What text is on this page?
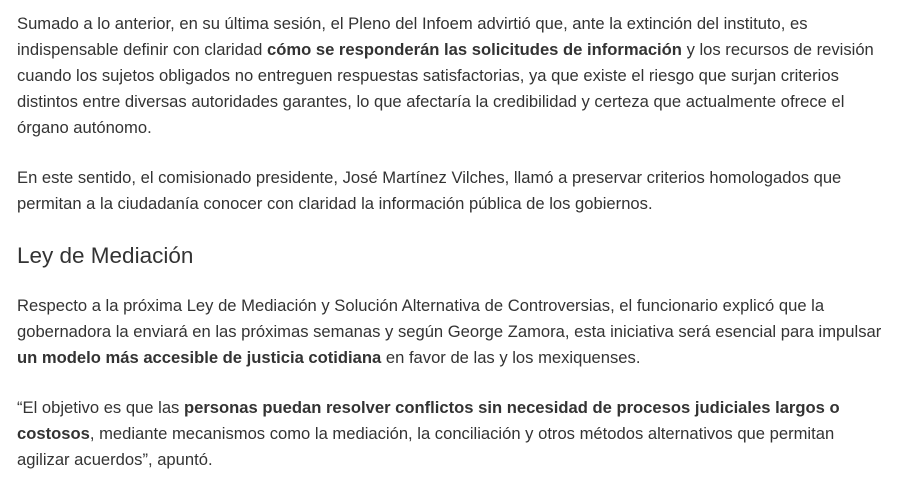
Sumado a lo anterior, en su última sesión, el Pleno del Infoem advirtió que, ante la extinción del instituto, es indispensable definir con claridad cómo se responderán las solicitudes de información y los recursos de revisión cuando los sujetos obligados no entreguen respuestas satisfactorias, ya que existe el riesgo que surjan criterios distintos entre diversas autoridades garantes, lo que afectaría la credibilidad y certeza que actualmente ofrece el órgano autónomo.

En este sentido, el comisionado presidente, José Martínez Vilches, llamó a preservar criterios homologados que permitan a la ciudadanía conocer con claridad la información pública de los gobiernos.

Ley de Mediación

Respecto a la próxima Ley de Mediación y Solución Alternativa de Controversias, el funcionario explicó que la gobernadora la enviará en las próximas semanas y según George Zamora, esta iniciativa será esencial para impulsar un modelo más accesible de justicia cotidiana en favor de las y los mexiquenses.

“El objetivo es que las personas puedan resolver conflictos sin necesidad de procesos judiciales largos o costosos, mediante mecanismos como la mediación, la conciliación y otros métodos alternativos que permitan agilizar acuerdos”, apuntó.
